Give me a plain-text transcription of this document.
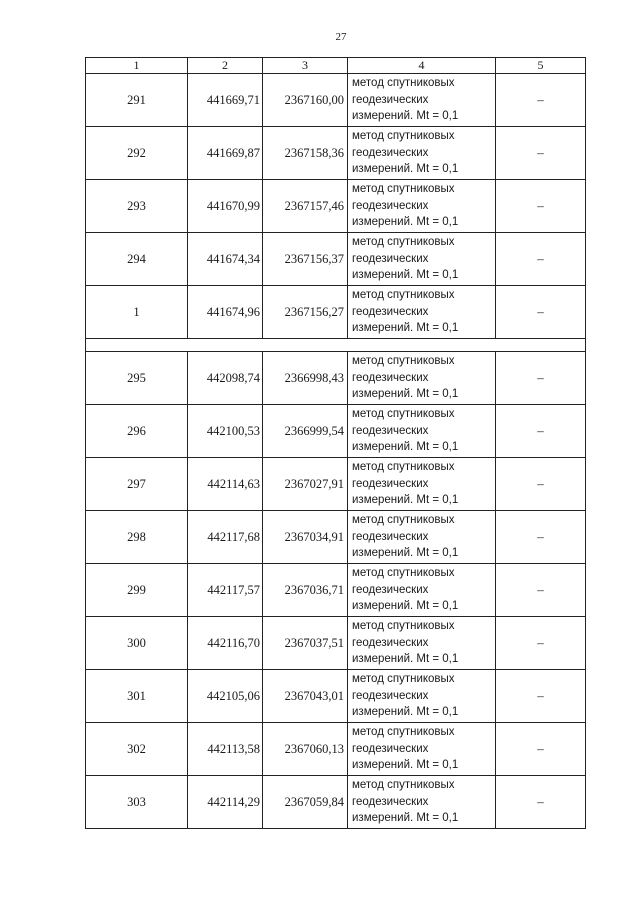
27
1	2	3	4	5
291	441669,71	2367160,00	метод спутниковых
геодезических
измерений. Mt = 0,1	–
292	441669,87	2367158,36	метод спутниковых
геодезических
измерений. Mt = 0,1	–
293	441670,99	2367157,46	метод спутниковых
геодезических
измерений. Mt = 0,1	–
294	441674,34	2367156,37	метод спутниковых
геодезических
измерений. Mt = 0,1	–
1	441674,96	2367156,27	метод спутниковых
геодезических
измерений. Mt = 0,1	–

295	442098,74	2366998,43	метод спутниковых
геодезических
измерений. Mt = 0,1	–
296	442100,53	2366999,54	метод спутниковых
геодезических
измерений. Mt = 0,1	–
297	442114,63	2367027,91	метод спутниковых
геодезических
измерений. Mt = 0,1	–
298	442117,68	2367034,91	метод спутниковых
геодезических
измерений. Mt = 0,1	–
299	442117,57	2367036,71	метод спутниковых
геодезических
измерений. Mt = 0,1	–
300	442116,70	2367037,51	метод спутниковых
геодезических
измерений. Mt = 0,1	–
301	442105,06	2367043,01	метод спутниковых
геодезических
измерений. Mt = 0,1	–
302	442113,58	2367060,13	метод спутниковых
геодезических
измерений. Mt = 0,1	–
303	442114,29	2367059,84	метод спутниковых
геодезических
измерений. Mt = 0,1	–
